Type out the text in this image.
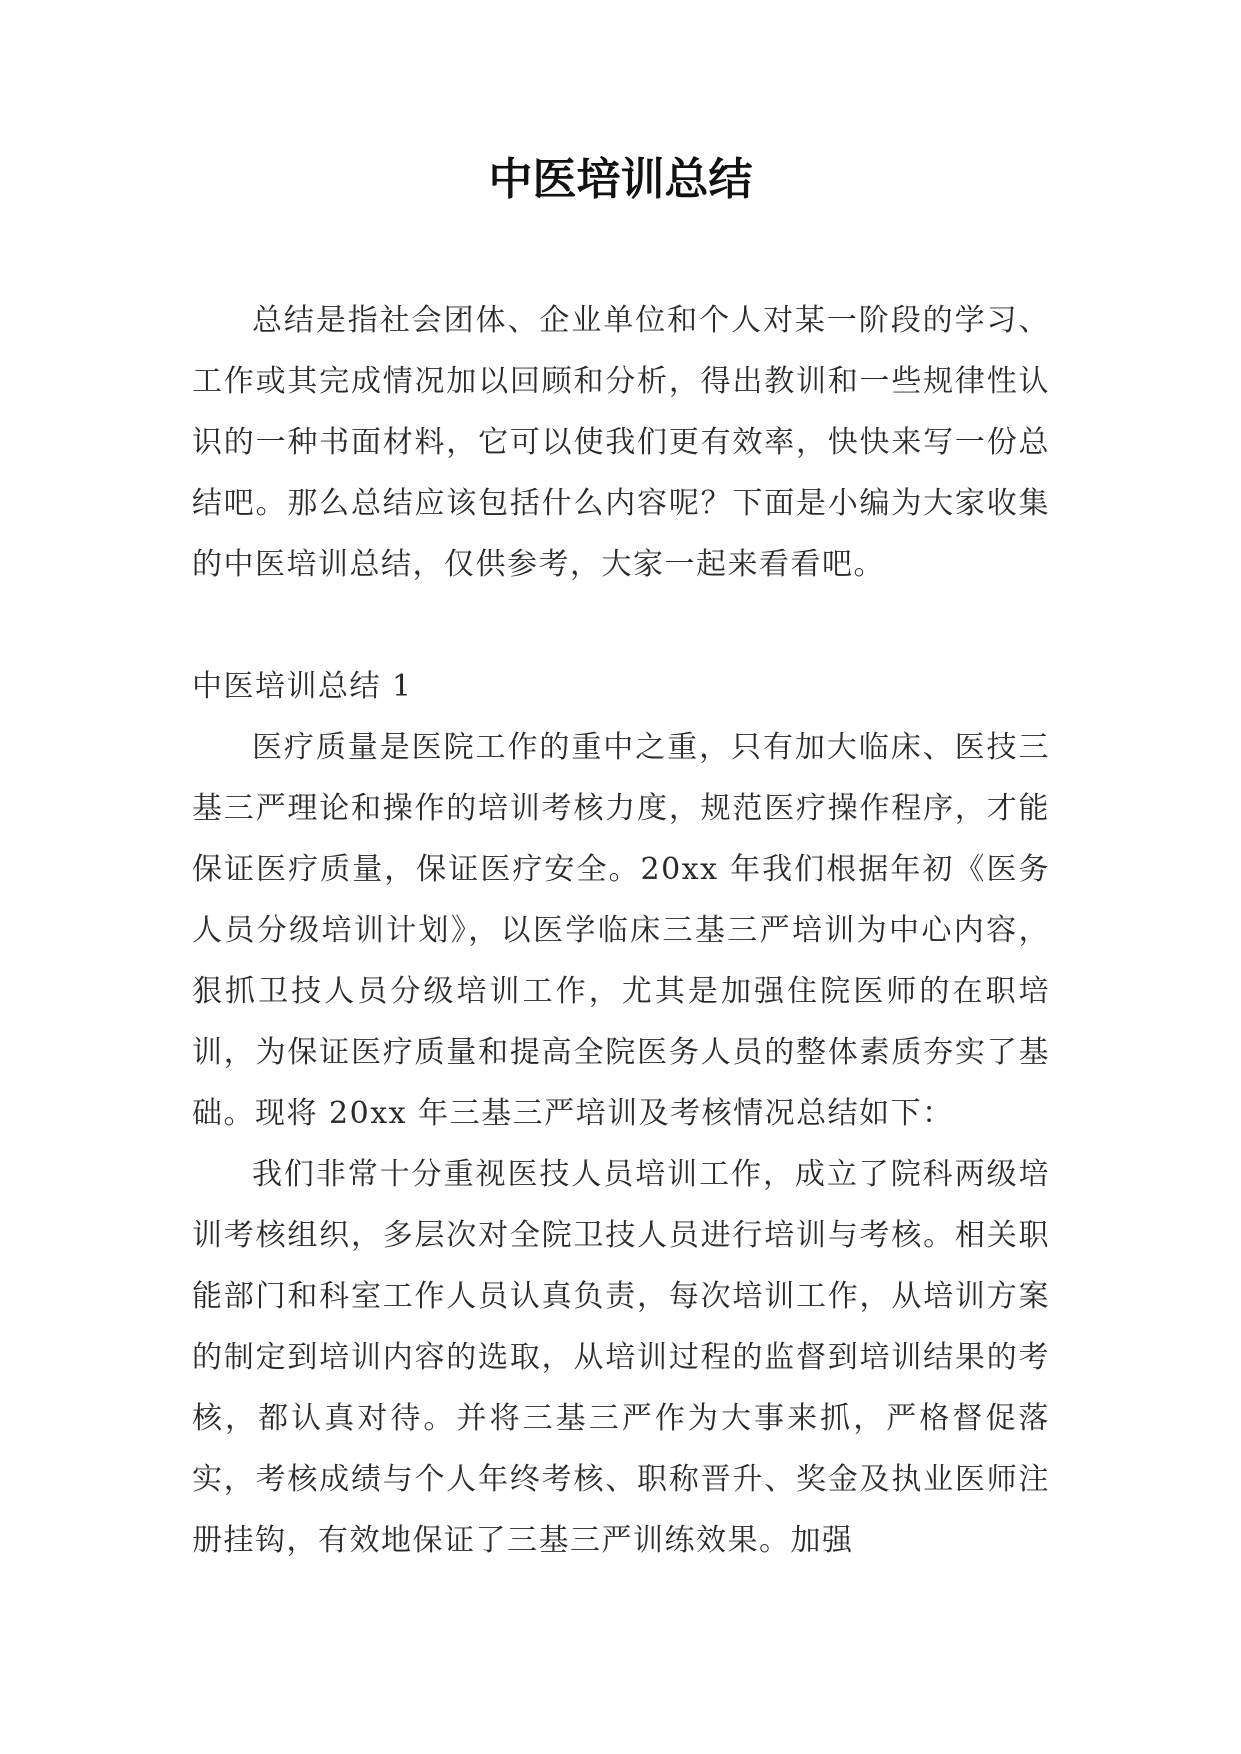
中医培训总结

总结是指社会团体、企业单位和个人对某一阶段的学习、工作或其完成情况加以回顾和分析，得出教训和一些规律性认识的一种书面材料，它可以使我们更有效率，快快来写一份总结吧。那么总结应该包括什么内容呢？下面是小编为大家收集的中医培训总结，仅供参考，大家一起来看看吧。

中医培训总结 1

医疗质量是医院工作的重中之重，只有加大临床、医技三基三严理论和操作的培训考核力度，规范医疗操作程序，才能保证医疗质量，保证医疗安全。20xx 年我们根据年初《医务人员分级培训计划》，以医学临床三基三严培训为中心内容，狠抓卫技人员分级培训工作，尤其是加强住院医师的在职培训，为保证医疗质量和提高全院医务人员的整体素质夯实了基础。现将 20xx 年三基三严培训及考核情况总结如下：

我们非常十分重视医技人员培训工作，成立了院科两级培训考核组织，多层次对全院卫技人员进行培训与考核。相关职能部门和科室工作人员认真负责，每次培训工作，从培训方案的制定到培训内容的选取，从培训过程的监督到培训结果的考核，都认真对待。并将三基三严作为大事来抓，严格督促落实，考核成绩与个人年终考核、职称晋升、奖金及执业医师注册挂钩，有效地保证了三基三严训练效果。加强
